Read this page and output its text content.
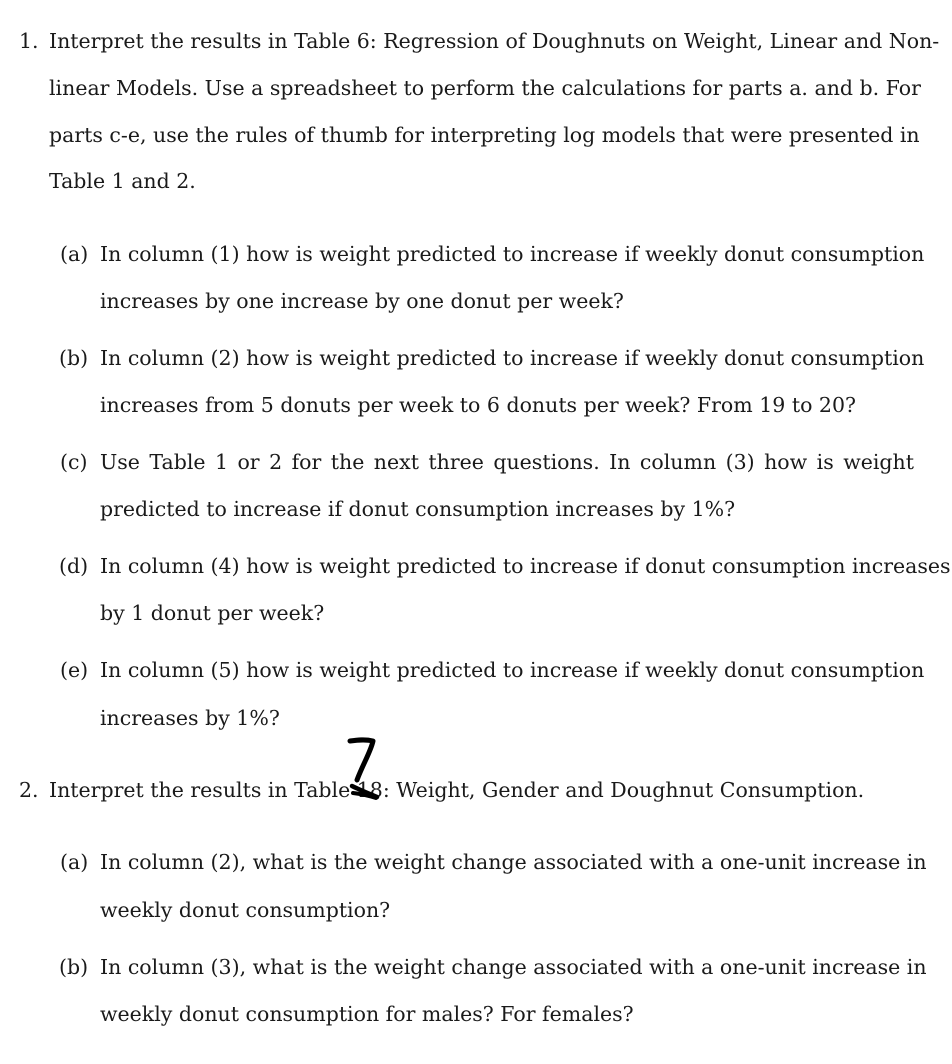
1. Interpret the results in Table 6: Regression of Doughnuts on Weight, Linear and Non-
linear Models. Use a spreadsheet to perform the calculations for parts a. and b. For
parts c-e, use the rules of thumb for interpreting log models that were presented in
Table 1 and 2.
(a) In column (1) how is weight predicted to increase if weekly donut consumption
increases by one increase by one donut per week?
(b) In column (2) how is weight predicted to increase if weekly donut consumption
increases from 5 donuts per week to 6 donuts per week? From 19 to 20?
(c) Use Table 1 or 2 for the next three questions. In column (3) how is weight
predicted to increase if donut consumption increases by 1%?
(d) In column (4) how is weight predicted to increase if donut consumption increases
by 1 donut per week?
(e) In column (5) how is weight predicted to increase if weekly donut consumption
increases by 1%?
2. Interpret the results in Table 18: Weight, Gender and Doughnut Consumption.
(a) In column (2), what is the weight change associated with a one-unit increase in
weekly donut consumption?
(b) In column (3), what is the weight change associated with a one-unit increase in
weekly donut consumption for males? For females?
